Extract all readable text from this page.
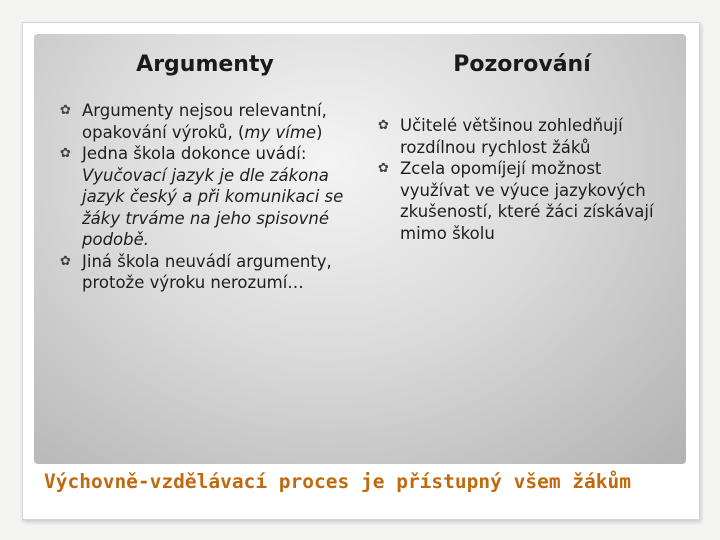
Argumenty	Pozorování
✿ Argumenty nejsou relevantní, opakování výroků, (my víme)
✿ Jedna škola dokonce uvádí: Vyučovací jazyk je dle zákona jazyk český a při komunikaci se žáky trváme na jeho spisovné podobě.
✿ Jiná škola neuvádí argumenty, protože výroku nerozumí…
✿ Učitelé většinou zohledňují rozdílnou rychlost žáků
✿ Zcela opomíjejí možnost využívat ve výuce jazykových zkušeností, které žáci získávají mimo školu
Výchovně-vzdělávací proces je přístupný všem žákům
